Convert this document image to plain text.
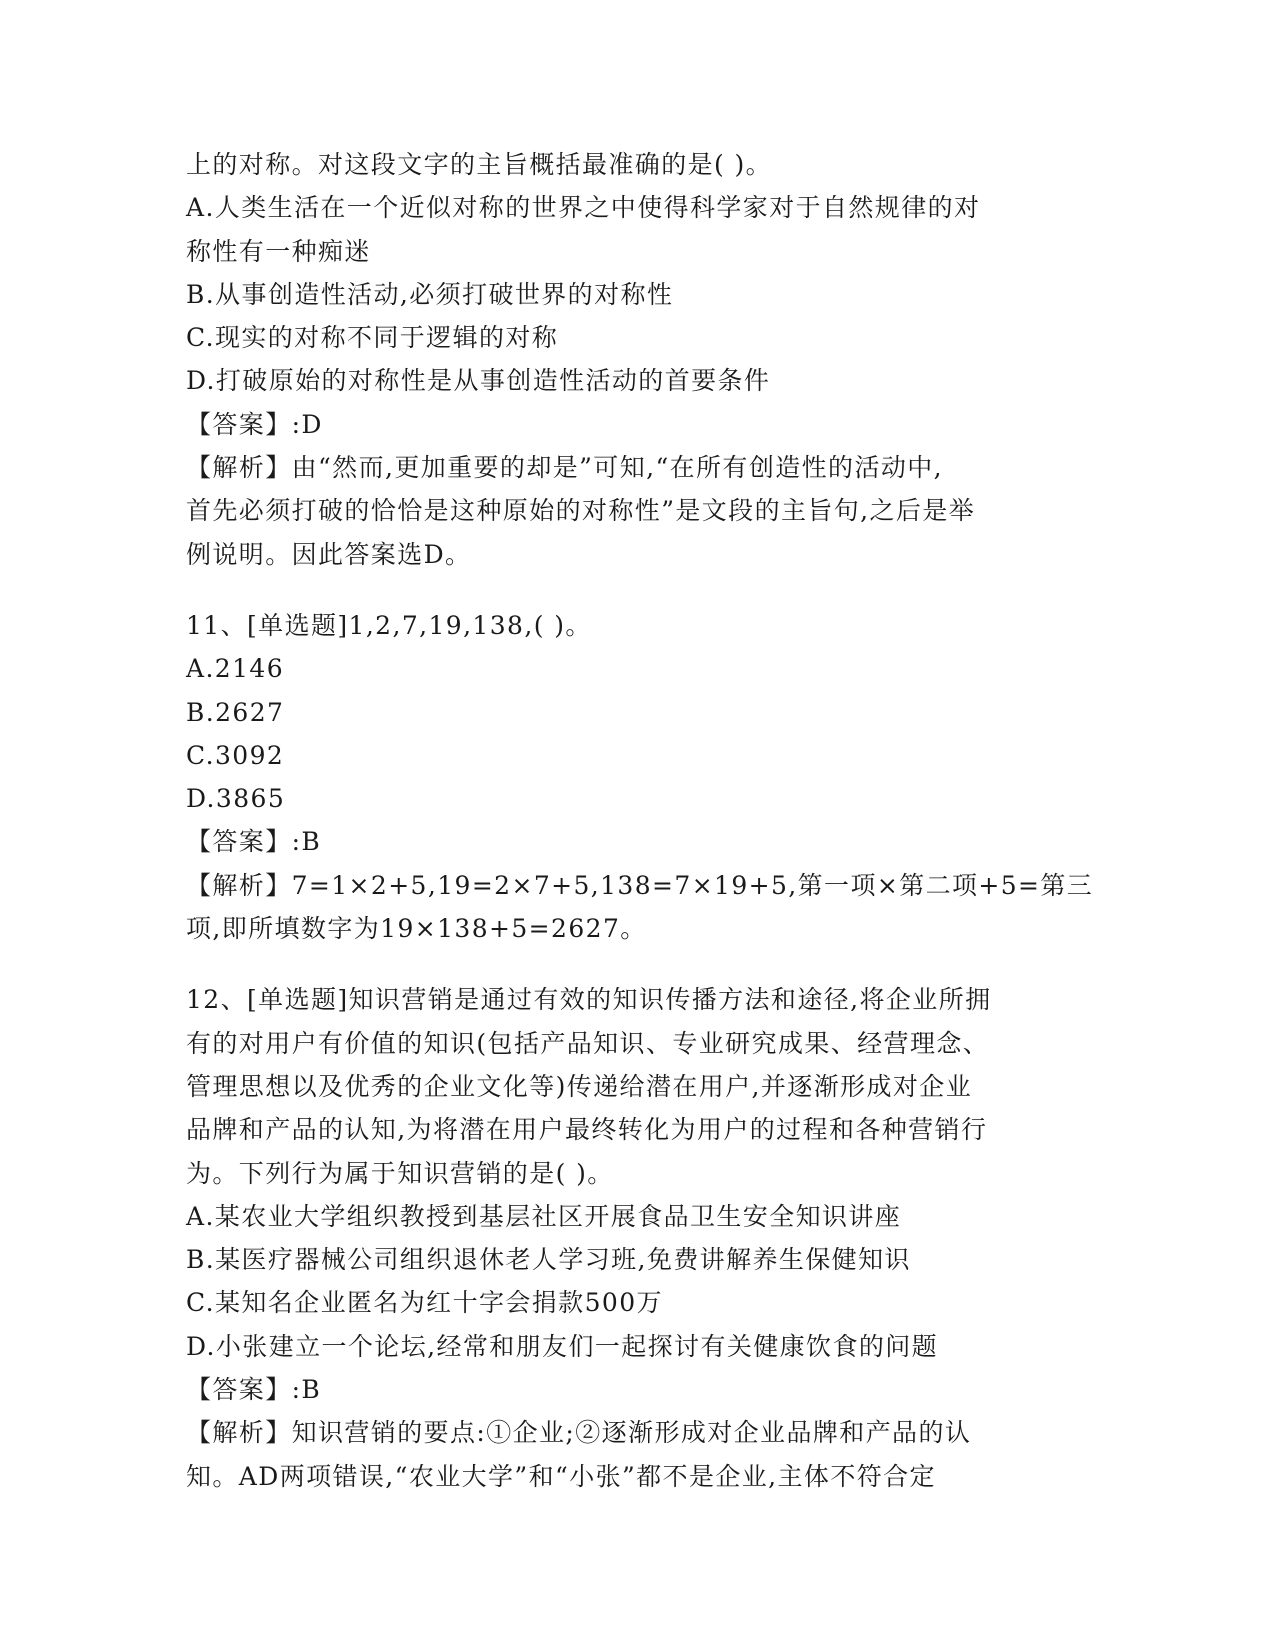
上的对称。对这段文字的主旨概括最准确的是( )。
A.人类生活在一个近似对称的世界之中使得科学家对于自然规律的对
称性有一种痴迷
B.从事创造性活动,必须打破世界的对称性
C.现实的对称不同于逻辑的对称
D.打破原始的对称性是从事创造性活动的首要条件
【答案】:D
【解析】由“然而,更加重要的却是”可知,“在所有创造性的活动中,
首先必须打破的恰恰是这种原始的对称性”是文段的主旨句,之后是举
例说明。因此答案选D。
11、[单选题]1,2,7,19,138,( )。
A.2146
B.2627
C.3092
D.3865
【答案】:B
【解析】7=1×2+5,19=2×7+5,138=7×19+5,第一项×第二项+5=第三
项,即所填数字为19×138+5=2627。
12、[单选题]知识营销是通过有效的知识传播方法和途径,将企业所拥
有的对用户有价值的知识(包括产品知识、专业研究成果、经营理念、
管理思想以及优秀的企业文化等)传递给潜在用户,并逐渐形成对企业
品牌和产品的认知,为将潜在用户最终转化为用户的过程和各种营销行
为。下列行为属于知识营销的是( )。
A.某农业大学组织教授到基层社区开展食品卫生安全知识讲座
B.某医疗器械公司组织退休老人学习班,免费讲解养生保健知识
C.某知名企业匿名为红十字会捐款500万
D.小张建立一个论坛,经常和朋友们一起探讨有关健康饮食的问题
【答案】:B
【解析】知识营销的要点:①企业;②逐渐形成对企业品牌和产品的认
知。AD两项错误,“农业大学”和“小张”都不是企业,主体不符合定
